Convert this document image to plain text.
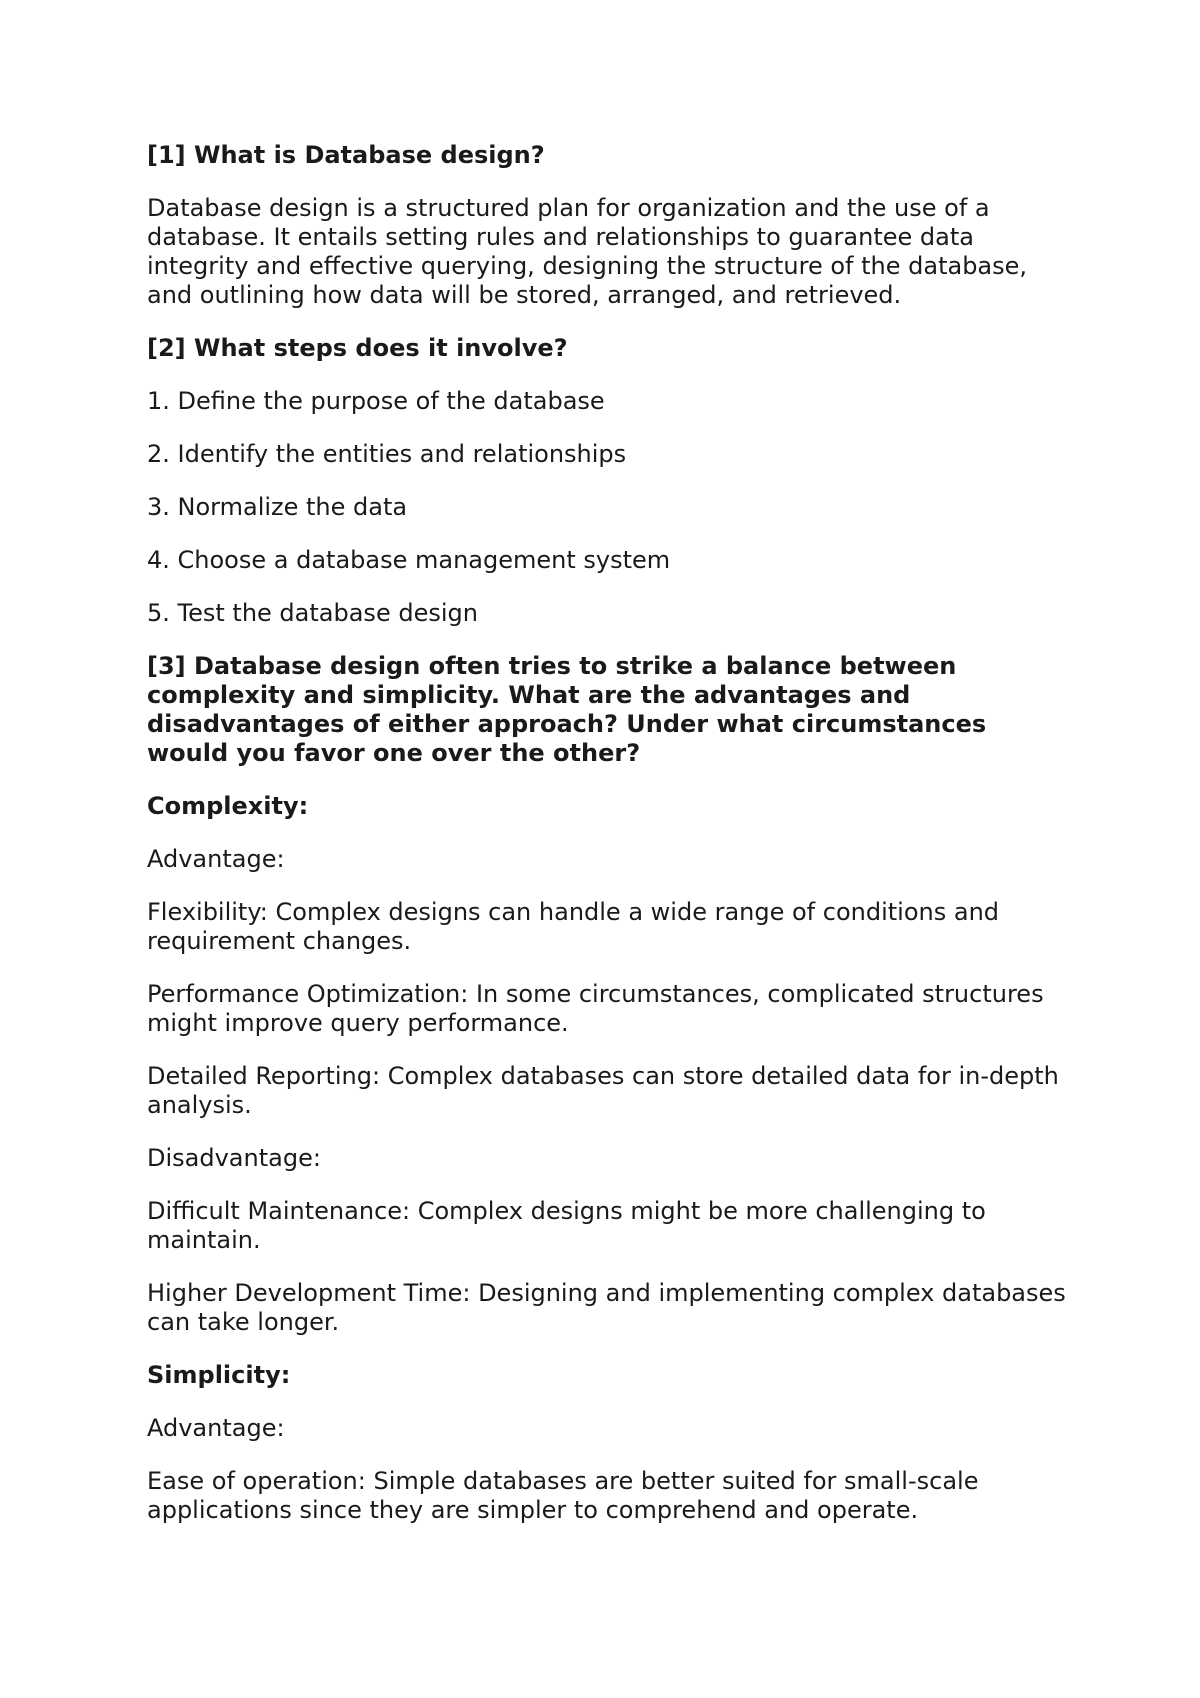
[1] What is Database design?

Database design is a structured plan for organization and the use of a database. It entails setting rules and relationships to guarantee data integrity and effective querying, designing the structure of the database, and outlining how data will be stored, arranged, and retrieved.

[2] What steps does it involve?

1. Define the purpose of the database

2. Identify the entities and relationships

3. Normalize the data

4. Choose a database management system

5. Test the database design

[3] Database design often tries to strike a balance between complexity and simplicity. What are the advantages and disadvantages of either approach? Under what circumstances would you favor one over the other?

Complexity:

Advantage:

Flexibility: Complex designs can handle a wide range of conditions and requirement changes.

Performance Optimization: In some circumstances, complicated structures might improve query performance.

Detailed Reporting: Complex databases can store detailed data for in-depth analysis.

Disadvantage:

Difficult Maintenance: Complex designs might be more challenging to maintain.

Higher Development Time: Designing and implementing complex databases can take longer.

Simplicity:

Advantage:

Ease of operation: Simple databases are better suited for small-scale applications since they are simpler to comprehend and operate.
